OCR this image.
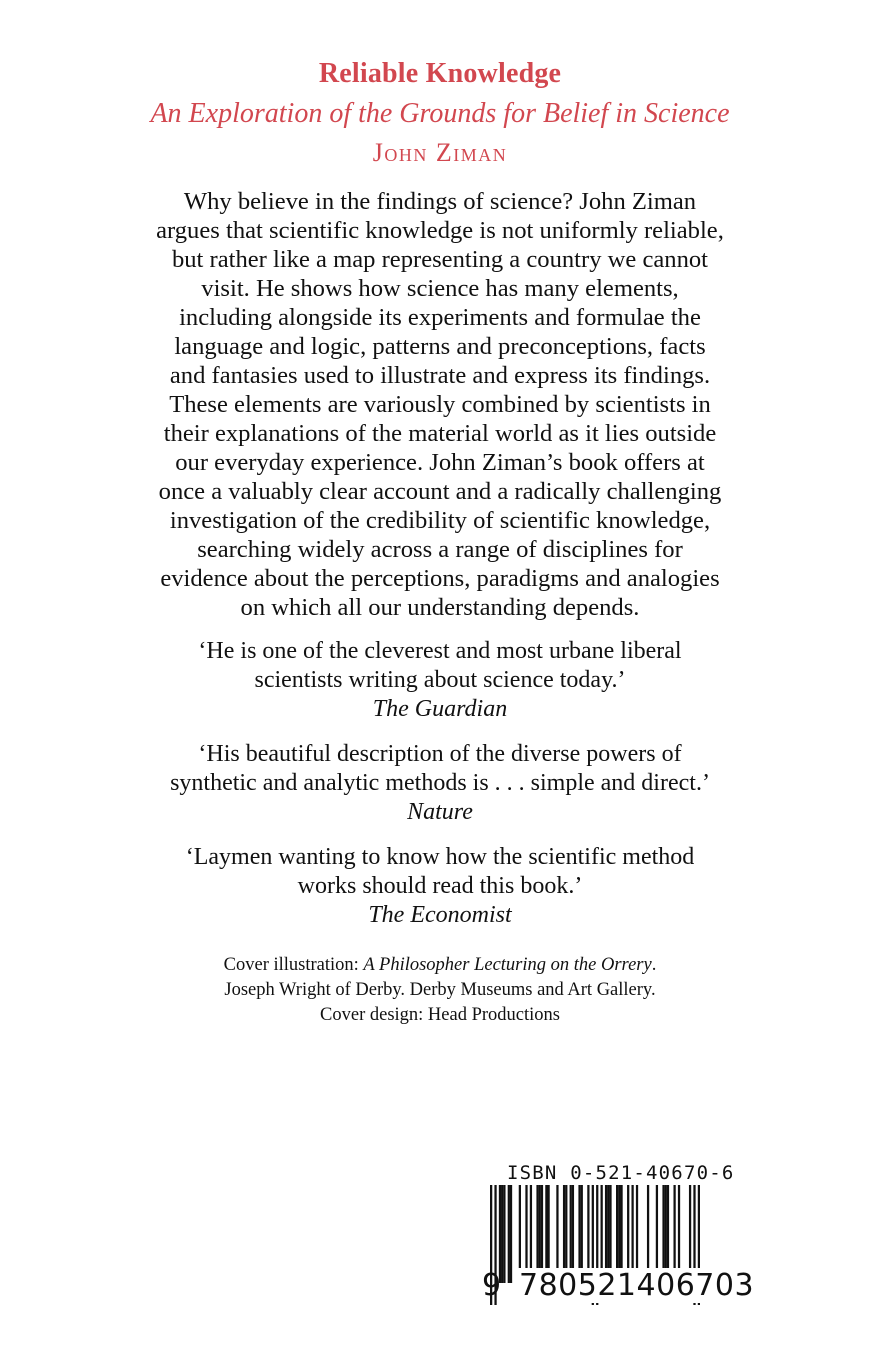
Reliable Knowledge
An Exploration of the Grounds for Belief in Science
John Ziman
Why believe in the findings of science? John Ziman
argues that scientific knowledge is not uniformly reliable,
but rather like a map representing a country we cannot
visit. He shows how science has many elements,
including alongside its experiments and formulae the
language and logic, patterns and preconceptions, facts
and fantasies used to illustrate and express its findings.
These elements are variously combined by scientists in
their explanations of the material world as it lies outside
our everyday experience. John Ziman’s book offers at
once a valuably clear account and a radically challenging
investigation of the credibility of scientific knowledge,
searching widely across a range of disciplines for
evidence about the perceptions, paradigms and analogies
on which all our understanding depends.
‘He is one of the cleverest and most urbane liberal
scientists writing about science today.’
The Guardian
‘His beautiful description of the diverse powers of
synthetic and analytic methods is . . . simple and direct.’
Nature
‘Laymen wanting to know how the scientific method
works should read this book.’
The Economist
Cover illustration: A Philosopher Lecturing on the Orrery.
Joseph Wright of Derby. Derby Museums and Art Gallery.
Cover design: Head Productions
ISBN 0-521-40670-6
9 780521406703
